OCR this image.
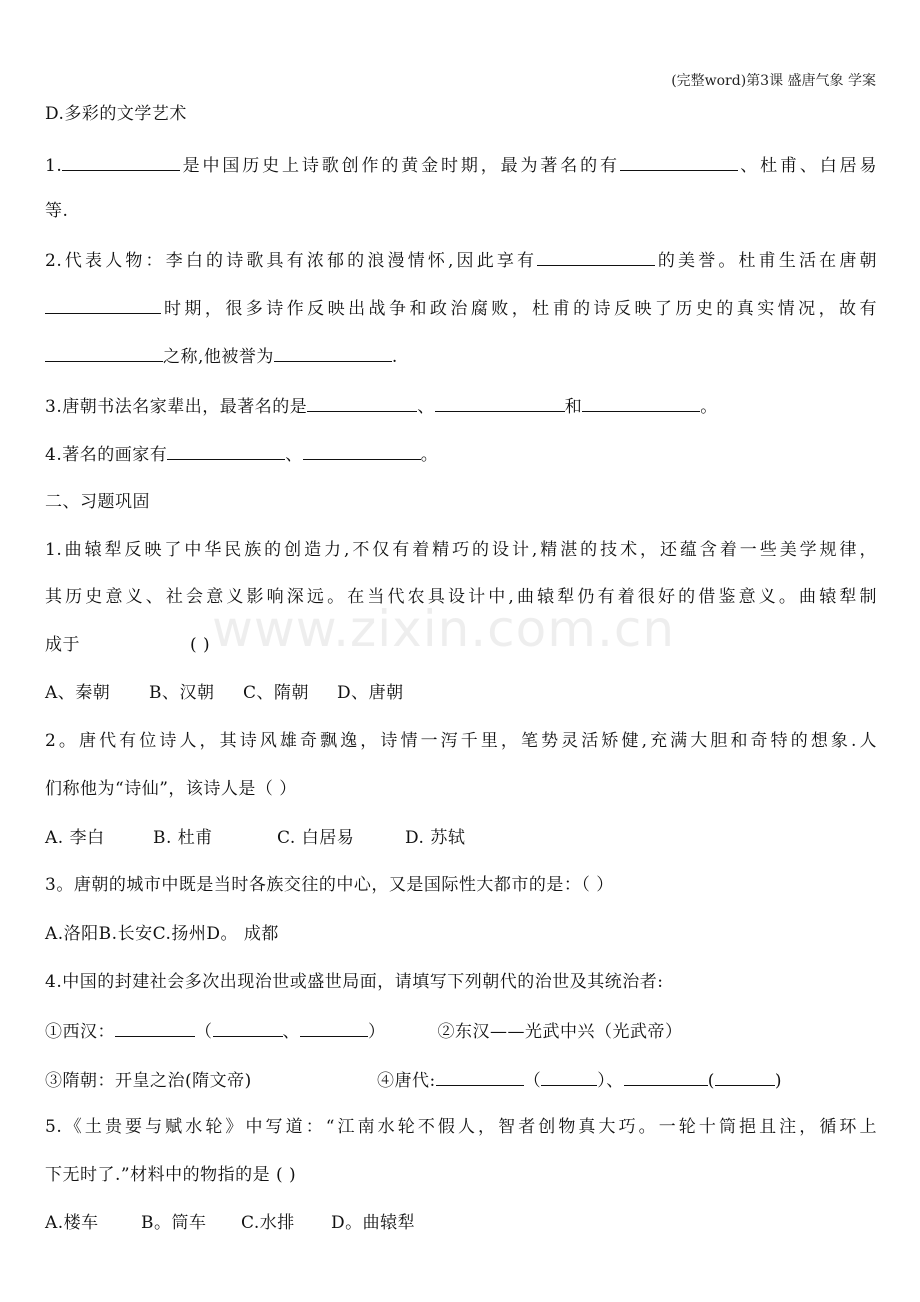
(完整word)第3课 盛唐气象 学案
www.zixin.com.cn
D.多彩的文学艺术
1.	是中国历史上诗歌创作的黄金时期，最为著名的有	、杜甫、白居易
等.
2.代表人物：李白的诗歌具有浓郁的浪漫情怀,因此享有	的美誉。杜甫生活在唐朝
时期，很多诗作反映出战争和政治腐败，杜甫的诗反映了历史的真实情况，故有
之称,他被誉为	.
3.唐朝书法名家辈出，最著名的是	、	和	。
4.著名的画家有	、	。
二、习题巩固
1.曲辕犁反映了中华民族的创造力,不仅有着精巧的设计,精湛的技术，还蕴含着一些美学规律，
其历史意义、社会意义影响深远。在当代农具设计中,曲辕犁仍有着很好的借鉴意义。曲辕犁制
成于	( )
A、秦朝 B、汉朝 C、隋朝 D、唐朝
2。唐代有位诗人，其诗风雄奇飘逸，诗情一泻千里，笔势灵活矫健,充满大胆和奇特的想象.人
们称他为“诗仙”，该诗人是（ ）
A. 李白	B. 杜甫	C. 白居易	D. 苏轼
3。唐朝的城市中既是当时各族交往的中心，又是国际性大都市的是：（ ）
A.洛阳B.长安C.扬州D。 成都
4.中国的封建社会多次出现治世或盛世局面，请填写下列朝代的治世及其统治者:
①西汉：	（	、	）	②东汉——光武中兴（光武帝）
③隋朝：开皇之治(隋文帝)	④唐代:	（	）、	(	)
5.《土贵要与赋水轮》中写道：“江南水轮不假人，智者创物真大巧。一轮十筒挹且注，循环上
下无时了.”材料中的物指的是 ( )
A.楼车 B。筒车 C.水排 D。曲辕犁
